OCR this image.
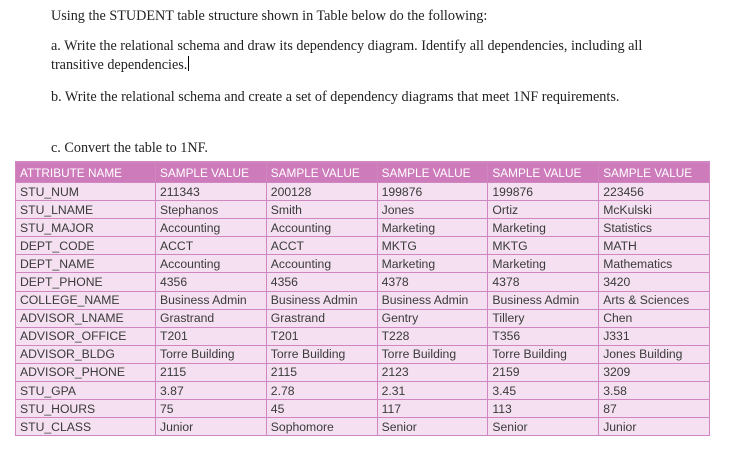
Using the STUDENT table structure shown in Table below do the following:

a. Write the relational schema and draw its dependency diagram. Identify all dependencies, including all transitive dependencies.

b. Write the relational schema and create a set of dependency diagrams that meet 1NF requirements.

c. Convert the table to 1NF.

ATTRIBUTE NAME	SAMPLE VALUE	SAMPLE VALUE	SAMPLE VALUE	SAMPLE VALUE	SAMPLE VALUE
STU_NUM	211343	200128	199876	199876	223456
STU_LNAME	Stephanos	Smith	Jones	Ortiz	McKulski
STU_MAJOR	Accounting	Accounting	Marketing	Marketing	Statistics
DEPT_CODE	ACCT	ACCT	MKTG	MKTG	MATH
DEPT_NAME	Accounting	Accounting	Marketing	Marketing	Mathematics
DEPT_PHONE	4356	4356	4378	4378	3420
COLLEGE_NAME	Business Admin	Business Admin	Business Admin	Business Admin	Arts & Sciences
ADVISOR_LNAME	Grastrand	Grastrand	Gentry	Tillery	Chen
ADVISOR_OFFICE	T201	T201	T228	T356	J331
ADVISOR_BLDG	Torre Building	Torre Building	Torre Building	Torre Building	Jones Building
ADVISOR_PHONE	2115	2115	2123	2159	3209
STU_GPA	3.87	2.78	2.31	3.45	3.58
STU_HOURS	75	45	117	113	87
STU_CLASS	Junior	Sophomore	Senior	Senior	Junior
